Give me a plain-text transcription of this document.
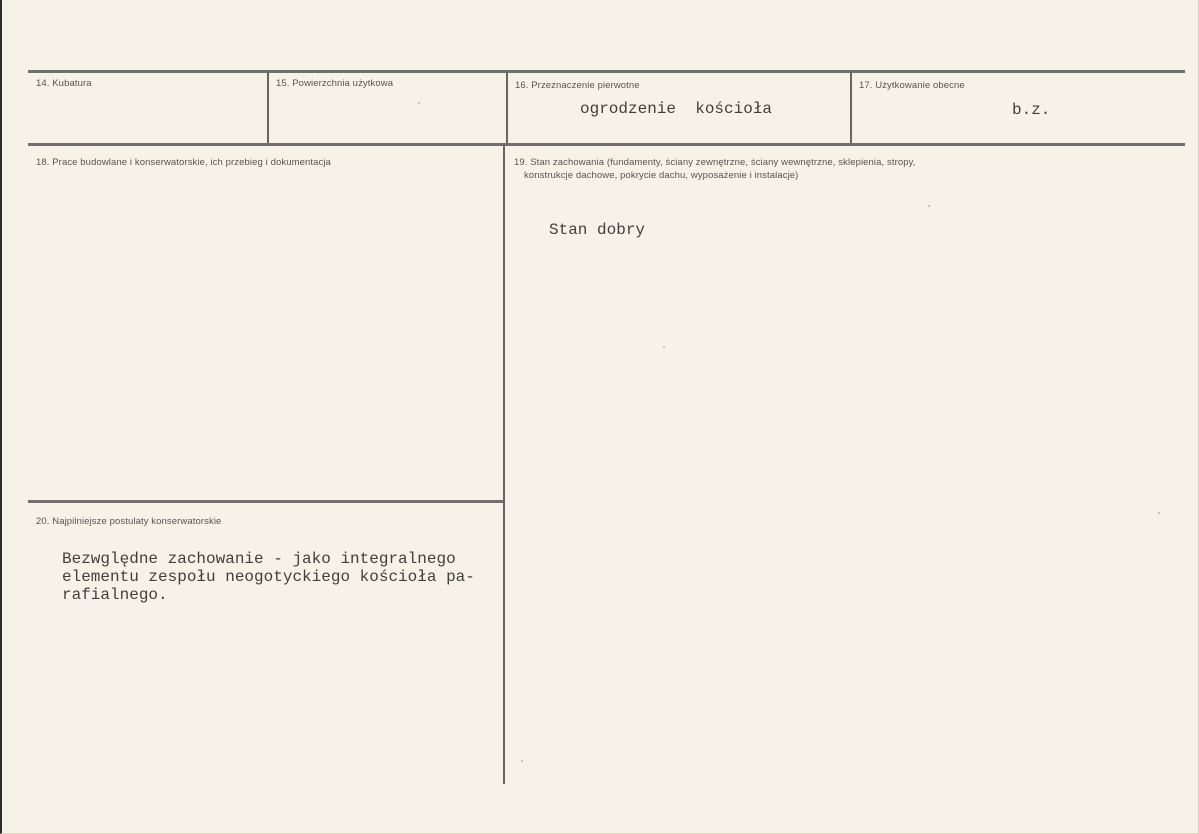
14. Kubatura	15. Powierzchnia użytkowa	16. Przeznaczenie pierwotne
ogrodzenie  kościoła
17. Użytkowanie obecne
b.z.
18. Prace budowlane i konserwatorskie, ich przebieg i dokumentacja	19. Stan zachowania (fundamenty, ściany zewnętrzne, ściany wewnętrzne, sklepienia, stropy,
konstrukcje dachowe, pokrycie dachu, wyposażenie i instalacje)
Stan dobry
20. Najpilniejsze postulaty konserwatorskie
Bezwględne zachowanie - jako integralnego
elementu zespołu neogotyckiego kościoła pa-
rafialnego.
